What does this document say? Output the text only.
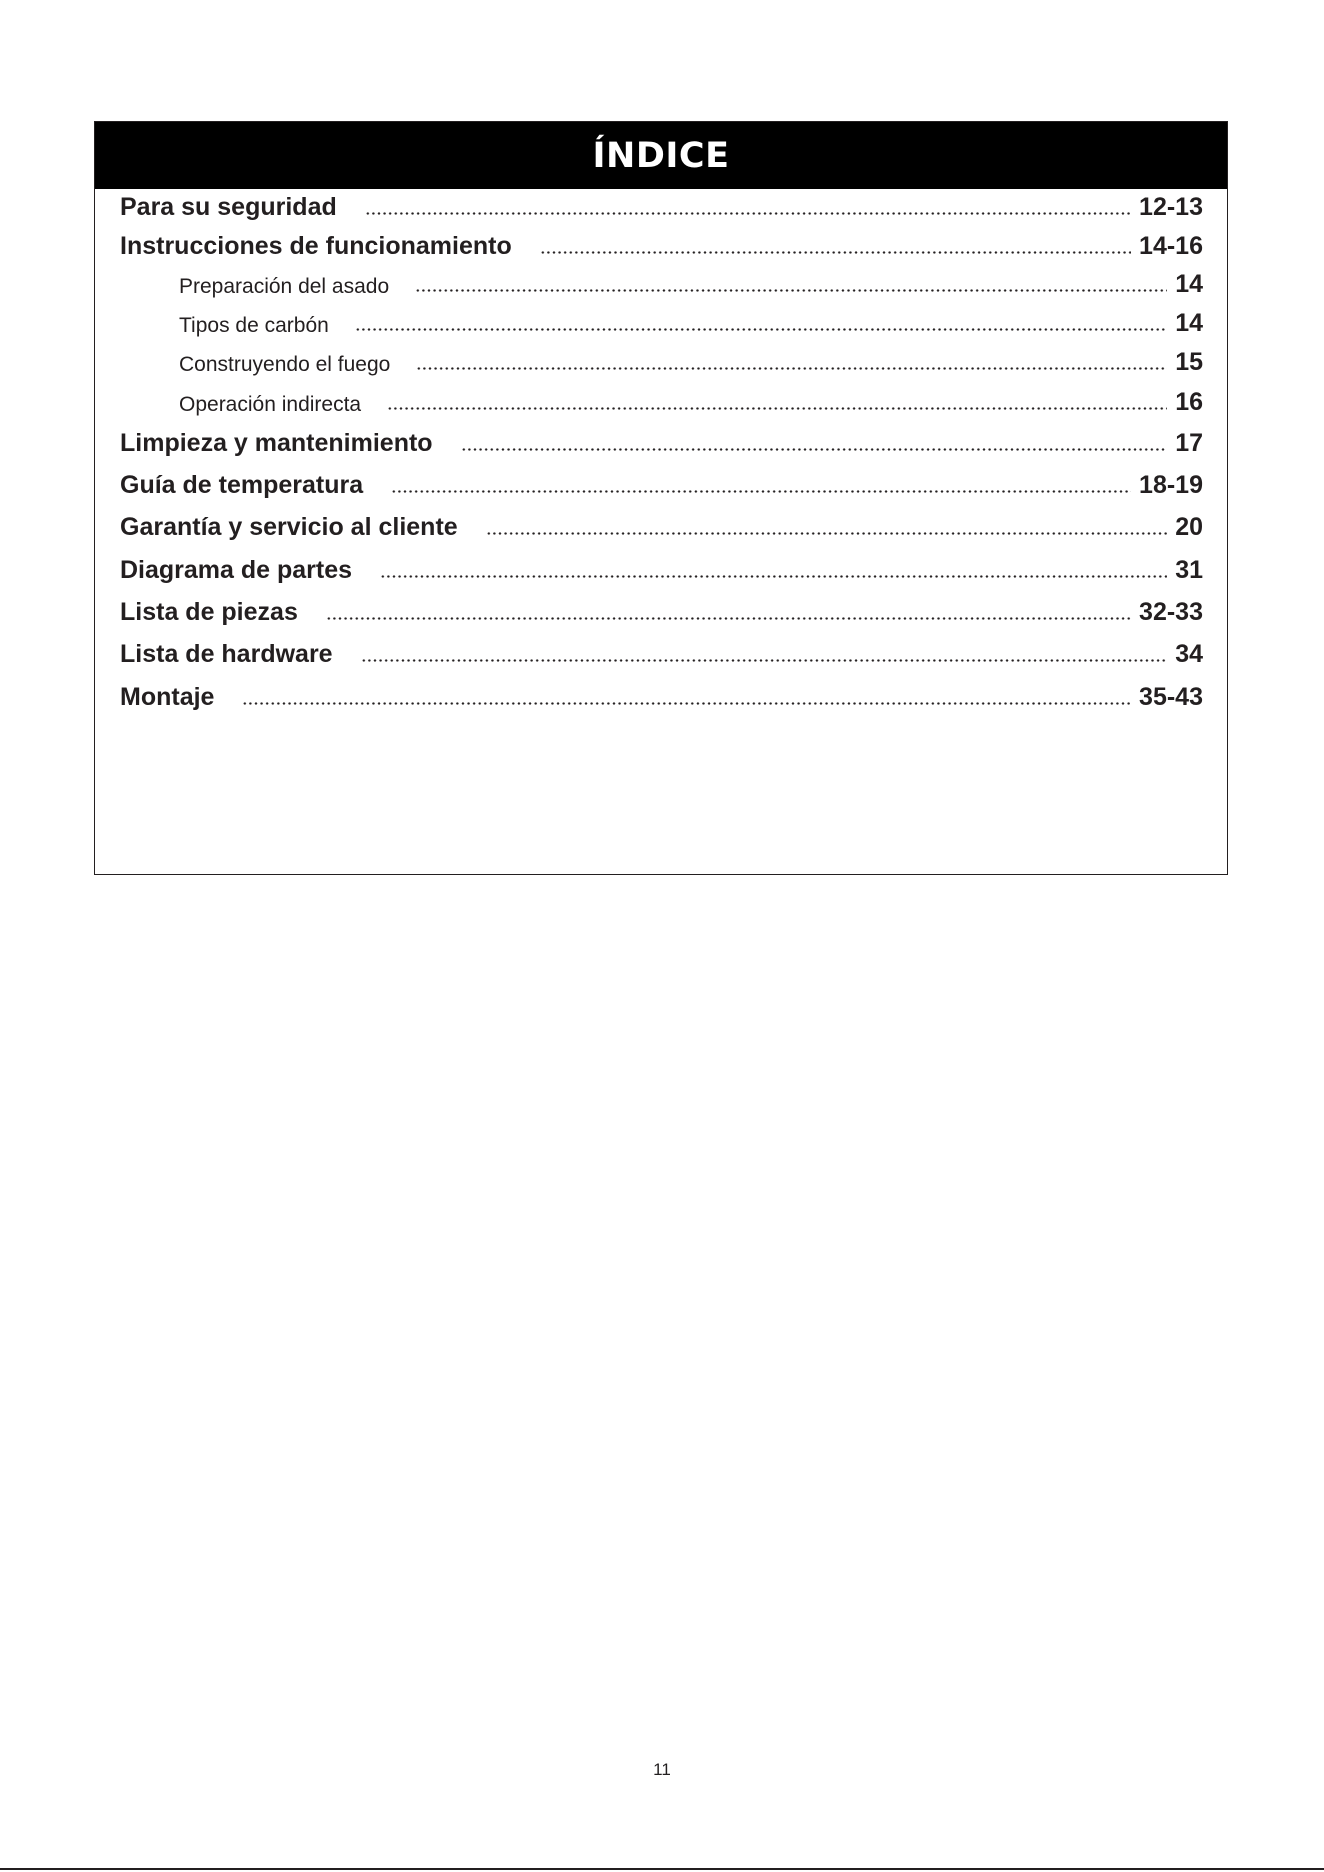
ÍNDICE
Para su seguridad	12-13
Instrucciones de funcionamiento	14-16
Preparación del asado	14
Tipos de carbón	14
Construyendo el fuego	15
Operación indirecta	16
Limpieza y mantenimiento	17
Guía de temperatura	18-19
Garantía y servicio al cliente	20
Diagrama de partes	31
Lista de piezas	32-33
Lista de hardware	34
Montaje	35-43
11
